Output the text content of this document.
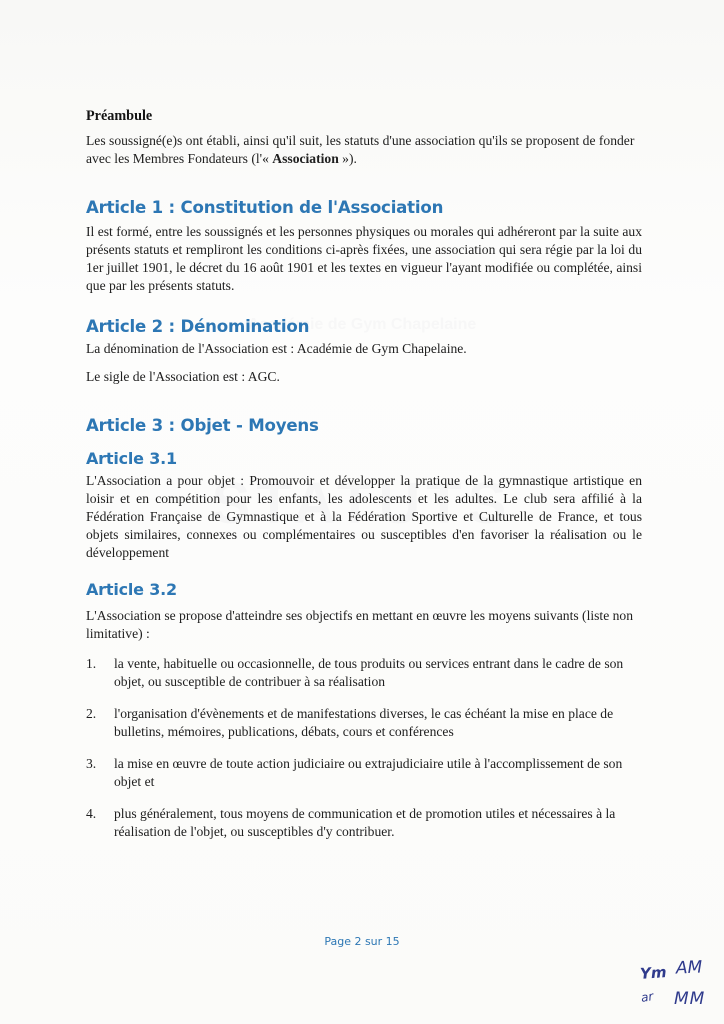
Préambule

Les soussigné(e)s ont établi, ainsi qu'il suit, les statuts d'une association qu'ils se proposent de fonder avec les Membres Fondateurs (l'« Association »).

Article 1 : Constitution de l'Association

Il est formé, entre les soussignés et les personnes physiques ou morales qui adhéreront par la suite aux présents statuts et rempliront les conditions ci-après fixées, une association qui sera régie par la loi du 1er juillet 1901, le décret du 16 août 1901 et les textes en vigueur l'ayant modifiée ou complétée, ainsi que par les présents statuts.

Article 2 : Dénomination

La dénomination de l'Association est : Académie de Gym Chapelaine.

Le sigle de l'Association est : AGC.

Article 3 : Objet - Moyens
Article 3.1

L'Association a pour objet : Promouvoir et développer la pratique de la gymnastique artistique en loisir et en compétition pour les enfants, les adolescents et les adultes. Le club sera affilié à la Fédération Française de Gymnastique et à la Fédération Sportive et Culturelle de France, et tous objets similaires, connexes ou complémentaires ou susceptibles d'en favoriser la réalisation ou le développement

Article 3.2

L'Association se propose d'atteindre ses objectifs en mettant en œuvre les moyens suivants (liste non limitative) :

1. la vente, habituelle ou occasionnelle, de tous produits ou services entrant dans le cadre de son objet, ou susceptible de contribuer à sa réalisation

2. l'organisation d'évènements et de manifestations diverses, le cas échéant la mise en place de bulletins, mémoires, publications, débats, cours et conférences

3. la mise en œuvre de toute action judiciaire ou extrajudiciaire utile à l'accomplissement de son objet et

4. plus généralement, tous moyens de communication et de promotion utiles et nécessaires à la réalisation de l'objet, ou susceptibles d'y contribuer.

Page 2 sur 15
Ym AM
ar MM
